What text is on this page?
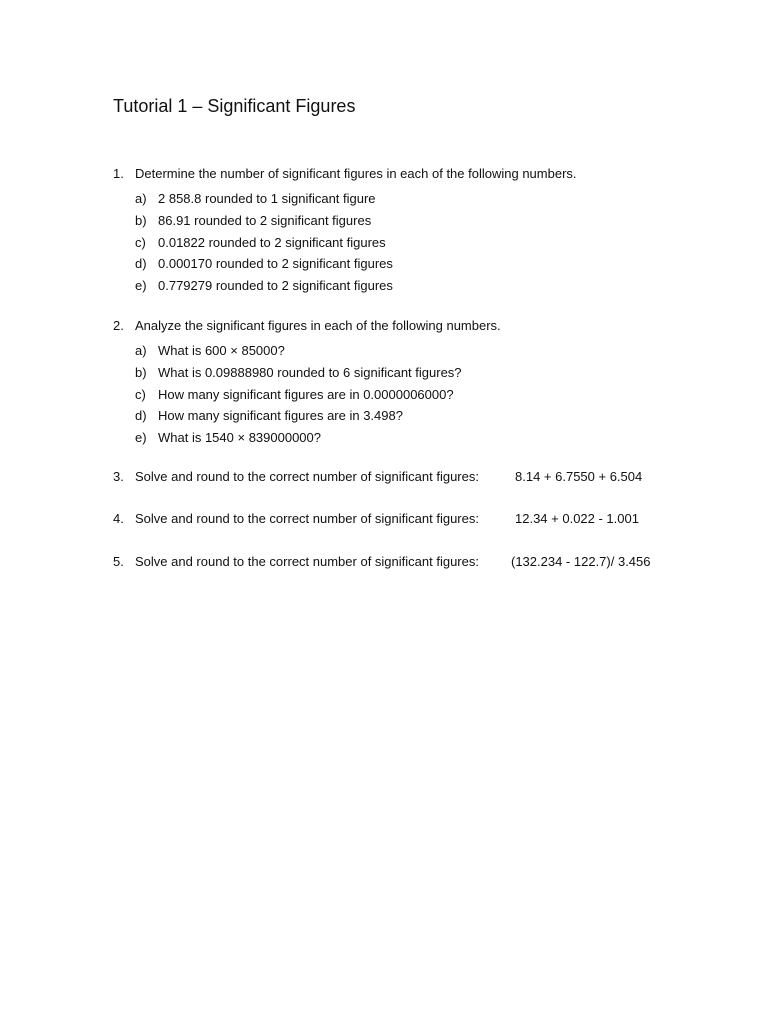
Tutorial 1 – Significant Figures
1. Determine the number of significant figures in each of the following numbers.
a) 2 858.8 rounded to 1 significant figure
b) 86.91 rounded to 2 significant figures
c) 0.01822 rounded to 2 significant figures
d) 0.000170 rounded to 2 significant figures
e) 0.779279 rounded to 2 significant figures
2. Analyze the significant figures in each of the following numbers.
a) What is 600 × 85000?
b) What is 0.09888980 rounded to 6 significant figures?
c) How many significant figures are in 0.0000006000?
d) How many significant figures are in 3.498?
e) What is 1540 × 839000000?
3. Solve and round to the correct number of significant figures:	8.14 + 6.7550 + 6.504
4. Solve and round to the correct number of significant figures:	12.34 + 0.022 - 1.001
5. Solve and round to the correct number of significant figures: (132.234 - 122.7)/ 3.456
